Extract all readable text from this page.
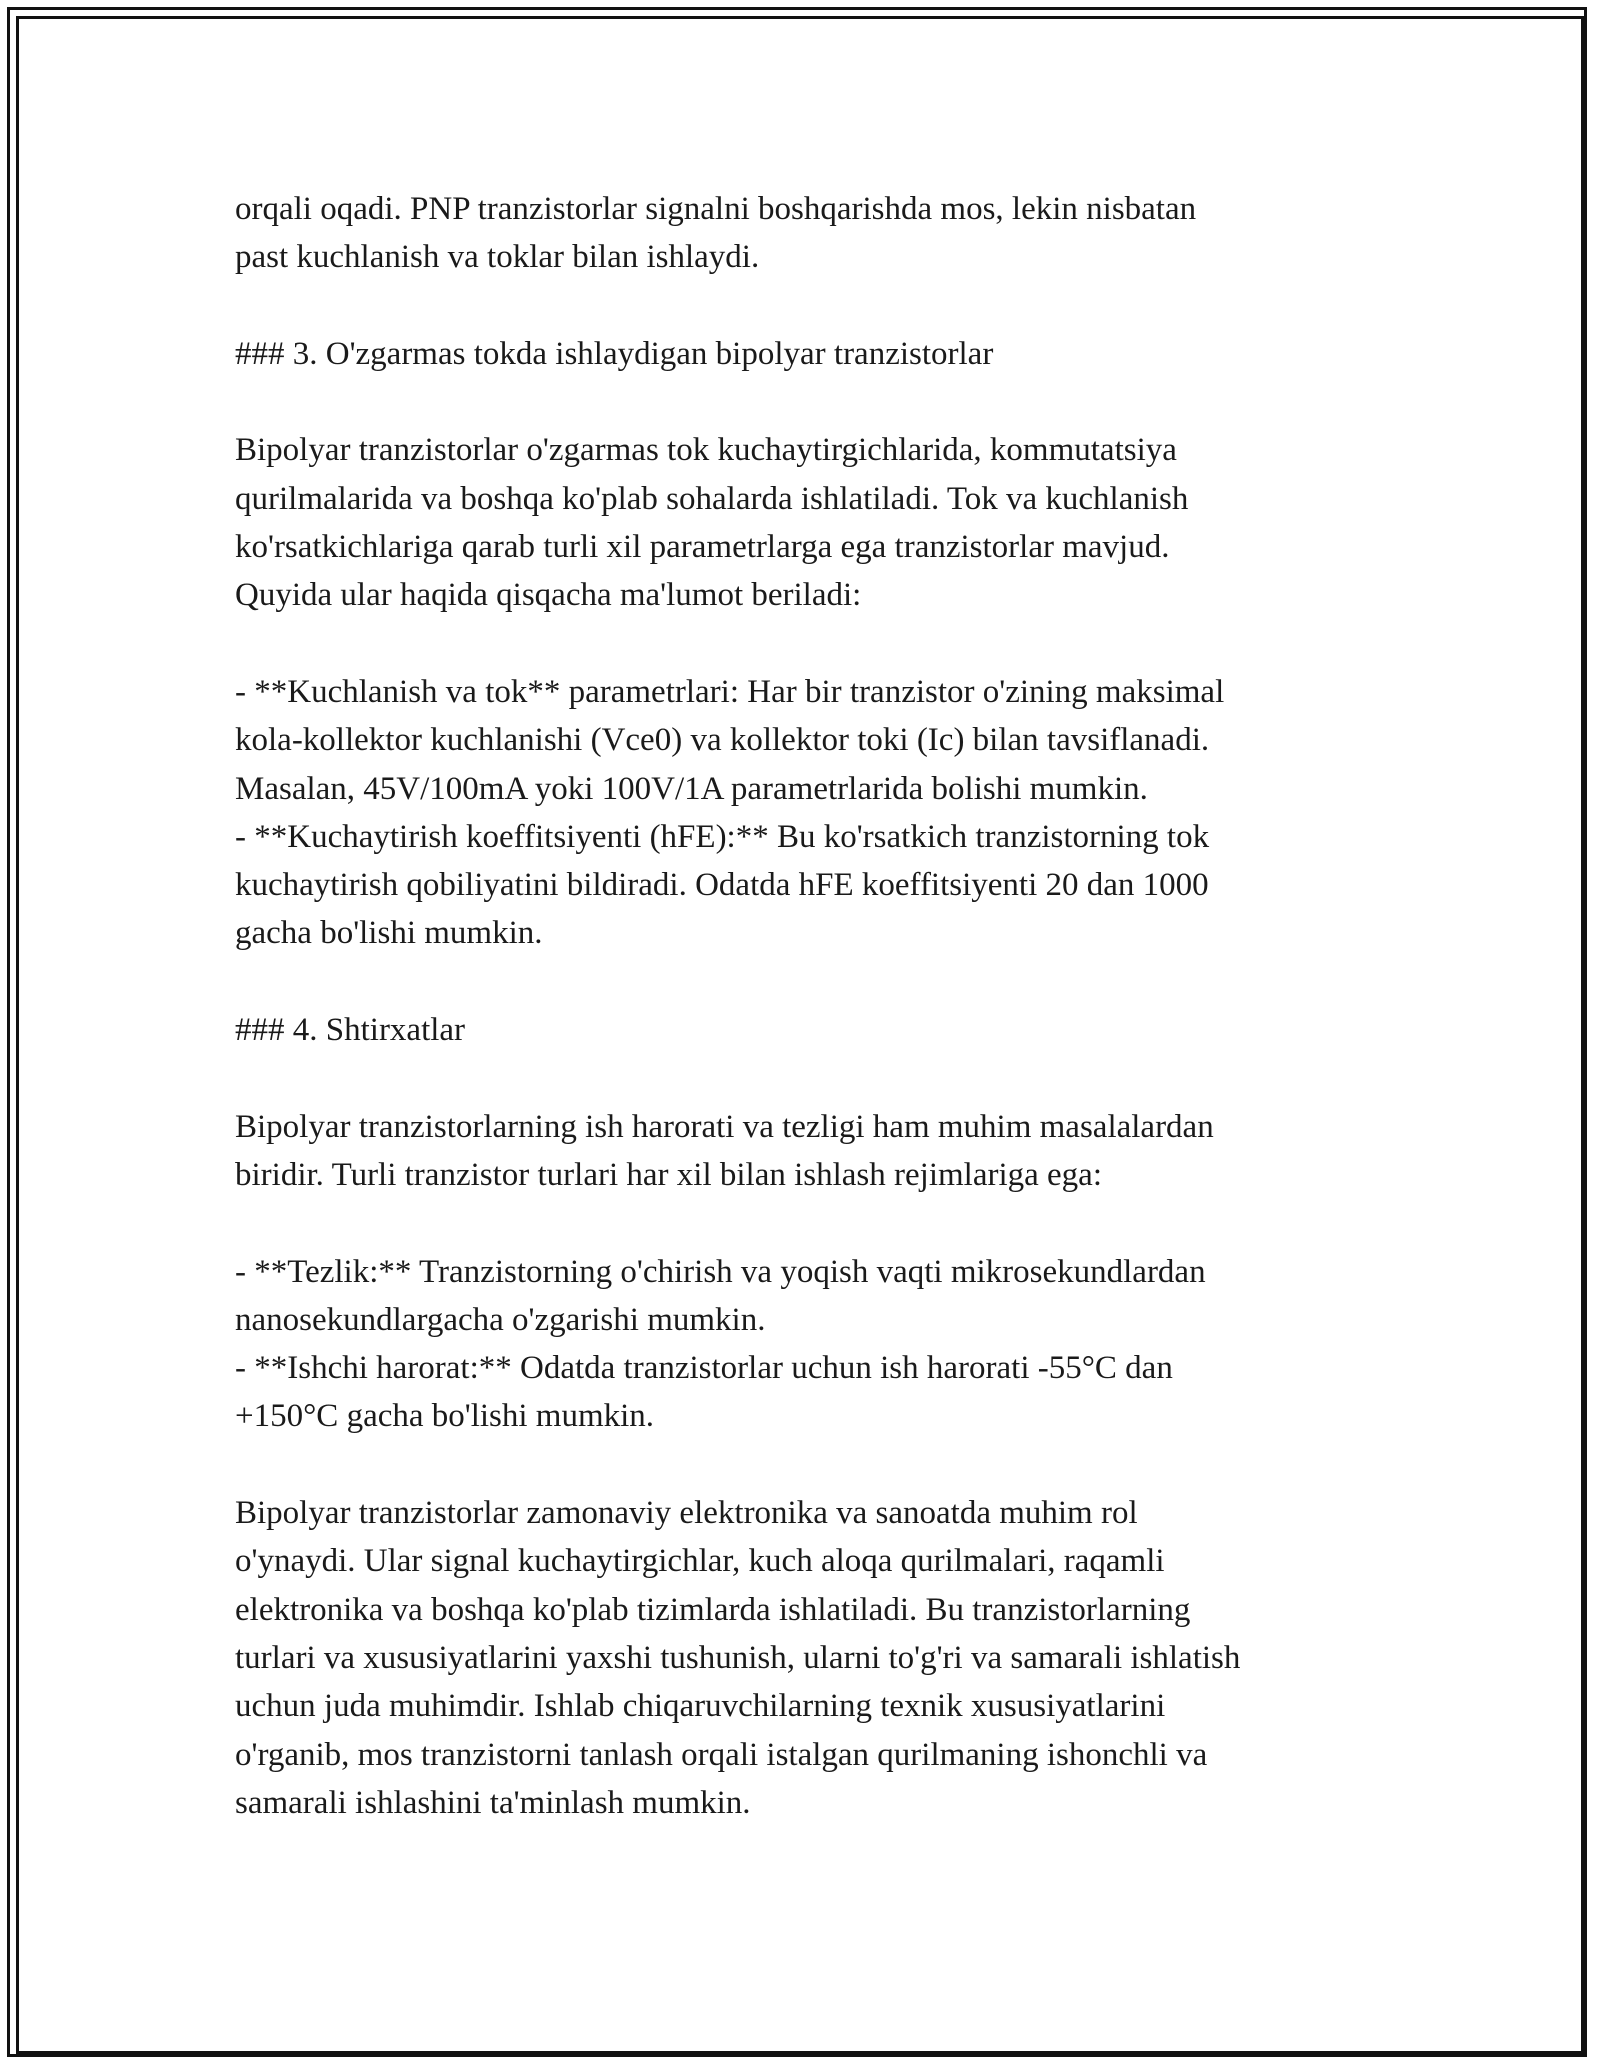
orqali oqadi. PNP tranzistorlar signalni boshqarishda mos, lekin nisbatan
past kuchlanish va toklar bilan ishlaydi.
### 3. O'zgarmas tokda ishlaydigan bipolyar tranzistorlar
Bipolyar tranzistorlar o'zgarmas tok kuchaytirgichlarida, kommutatsiya
qurilmalarida va boshqa ko'plab sohalarda ishlatiladi. Tok va kuchlanish
ko'rsatkichlariga qarab turli xil parametrlarga ega tranzistorlar mavjud.
Quyida ular haqida qisqacha ma'lumot beriladi:
- **Kuchlanish va tok** parametrlari: Har bir tranzistor o'zining maksimal
kola-kollektor kuchlanishi (Vce0) va kollektor toki (Ic) bilan tavsiflanadi.
Masalan, 45V/100mA yoki 100V/1A parametrlarida bolishi mumkin.
- **Kuchaytirish koeffitsiyenti (hFE):** Bu ko'rsatkich tranzistorning tok
kuchaytirish qobiliyatini bildiradi. Odatda hFE koeffitsiyenti 20 dan 1000
gacha bo'lishi mumkin.
### 4. Shtirxatlar
Bipolyar tranzistorlarning ish harorati va tezligi ham muhim masalalardan
biridir. Turli tranzistor turlari har xil bilan ishlash rejimlariga ega:
- **Tezlik:** Tranzistorning o'chirish va yoqish vaqti mikrosekundlardan
nanosekundlargacha o'zgarishi mumkin.
- **Ishchi harorat:** Odatda tranzistorlar uchun ish harorati -55°C dan
+150°C gacha bo'lishi mumkin.
Bipolyar tranzistorlar zamonaviy elektronika va sanoatda muhim rol
o'ynaydi. Ular signal kuchaytirgichlar, kuch aloqa qurilmalari, raqamli
elektronika va boshqa ko'plab tizimlarda ishlatiladi. Bu tranzistorlarning
turlari va xususiyatlarini yaxshi tushunish, ularni to'g'ri va samarali ishlatish
uchun juda muhimdir. Ishlab chiqaruvchilarning texnik xususiyatlarini
o'rganib, mos tranzistorni tanlash orqali istalgan qurilmaning ishonchli va
samarali ishlashini ta'minlash mumkin.
